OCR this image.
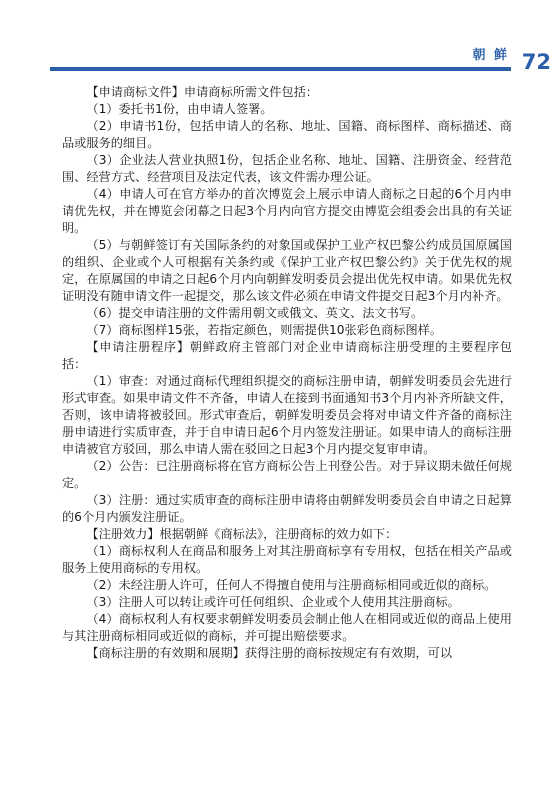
朝 鲜 72

【申请商标文件】申请商标所需文件包括：

（1）委托书1份，由申请人签署。

（2）申请书1份，包括申请人的名称、地址、国籍、商标图样、商标描述、商品或服务的细目。

（3）企业法人营业执照1份，包括企业名称、地址、国籍、注册资金、经营范围、经营方式、经营项目及法定代表，该文件需办理公证。

（4）申请人可在官方举办的首次博览会上展示申请人商标之日起的6个月内申请优先权，并在博览会闭幕之日起3个月内向官方提交由博览会组委会出具的有关证明。

（5）与朝鲜签订有关国际条约的对象国或保护工业产权巴黎公约成员国原属国的组织、企业或个人可根据有关条约或《保护工业产权巴黎公约》关于优先权的规定，在原属国的申请之日起6个月内向朝鲜发明委员会提出优先权申请。如果优先权证明没有随申请文件一起提交，那么该文件必须在申请文件提交日起3个月内补齐。

（6）提交申请注册的文件需用朝文或俄文、英文、法文书写。

（7）商标图样15张，若指定颜色，则需提供10张彩色商标图样。

【申请注册程序】朝鲜政府主管部门对企业申请商标注册受理的主要程序包括：

（1）审查：对通过商标代理组织提交的商标注册申请，朝鲜发明委员会先进行形式审查。如果申请文件不齐备，申请人在接到书面通知书3个月内补齐所缺文件，否则，该申请将被驳回。形式审查后，朝鲜发明委员会将对申请文件齐备的商标注册申请进行实质审查，并于自申请日起6个月内签发注册证。如果申请人的商标注册申请被官方驳回，那么申请人需在驳回之日起3个月内提交复审申请。

（2）公告：已注册商标将在官方商标公告上刊登公告。对于异议期未做任何规定。

（3）注册：通过实质审查的商标注册申请将由朝鲜发明委员会自申请之日起算的6个月内颁发注册证。

【注册效力】根据朝鲜《商标法》，注册商标的效力如下：

（1）商标权利人在商品和服务上对其注册商标享有专用权，包括在相关产品或服务上使用商标的专用权。

（2）未经注册人许可，任何人不得擅自使用与注册商标相同或近似的商标。

（3）注册人可以转让或许可任何组织、企业或个人使用其注册商标。

（4）商标权利人有权要求朝鲜发明委员会制止他人在相同或近似的商品上使用与其注册商标相同或近似的商标，并可提出赔偿要求。

【商标注册的有效期和展期】获得注册的商标按规定有有效期，可以
